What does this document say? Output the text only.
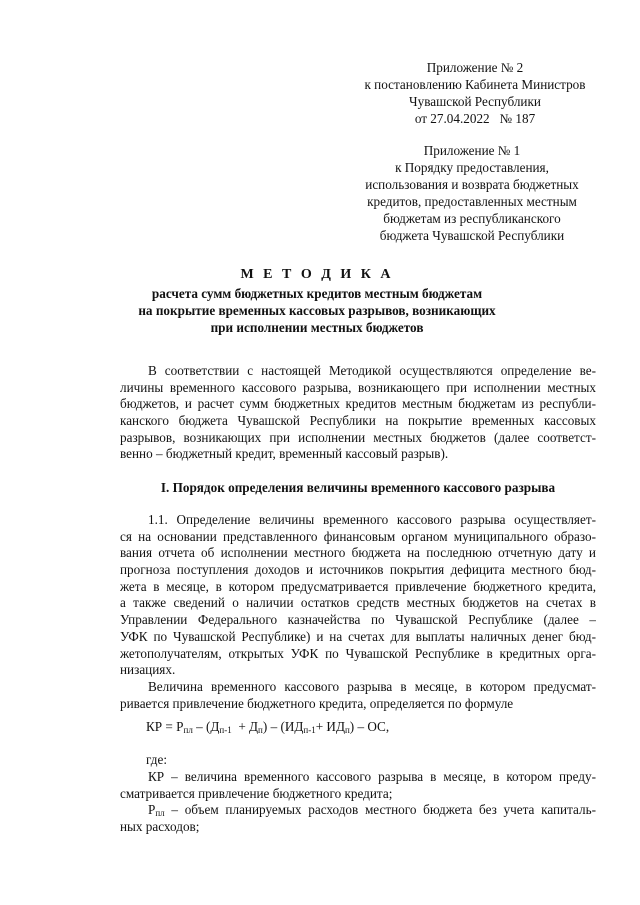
Приложение № 2
к постановлению Кабинета Министров
Чувашской Республики
от 27.04.2022   № 187
Приложение № 1
к Порядку предоставления,
использования и возврата бюджетных
кредитов, предоставленных местным
бюджетам из республиканского
бюджета Чувашской Республики
М Е Т О Д И К А
расчета сумм бюджетных кредитов местным бюджетам
на покрытие временных кассовых разрывов, возникающих
при исполнении местных бюджетов
В соответствии с настоящей Методикой осуществляются определение ве-
личины временного кассового разрыва, возникающего при исполнении местных
бюджетов, и расчет сумм бюджетных кредитов местным бюджетам из республи-
канского бюджета Чувашской Республики на покрытие временных кассовых
разрывов, возникающих при исполнении местных бюджетов (далее соответст-
венно – бюджетный кредит, временный кассовый разрыв).
I. Порядок определения величины временного кассового разрыва
1.1. Определение величины временного кассового разрыва осуществляет-
ся на основании представленного финансовым органом муниципального образо-
вания отчета об исполнении местного бюджета на последнюю отчетную дату и
прогноза поступления доходов и источников покрытия дефицита местного бюд-
жета в месяце, в котором предусматривается привлечение бюджетного кредита,
а также сведений о наличии остатков средств местных бюджетов на счетах в
Управлении Федерального казначейства по Чувашской Республике (далее –
УФК по Чувашской Республике) и на счетах для выплаты наличных денег бюд-
жетополучателям, открытых УФК по Чувашской Республике в кредитных орга-
низациях.
Величина временного кассового разрыва в месяце, в котором предусмат-
ривается привлечение бюджетного кредита, определяется по формуле
КР = $Р_{пл} - (Д_{п-1} + Д_п) - (ИД_{п-1}+ ИД_п)$ – ОС,
где:
КР – величина временного кассового разрыва в месяце, в котором преду-
сматривается привлечение бюджетного кредита;
$Р_{пл}$ – объем планируемых расходов местного бюджета без учета капиталь-
ных расходов;
